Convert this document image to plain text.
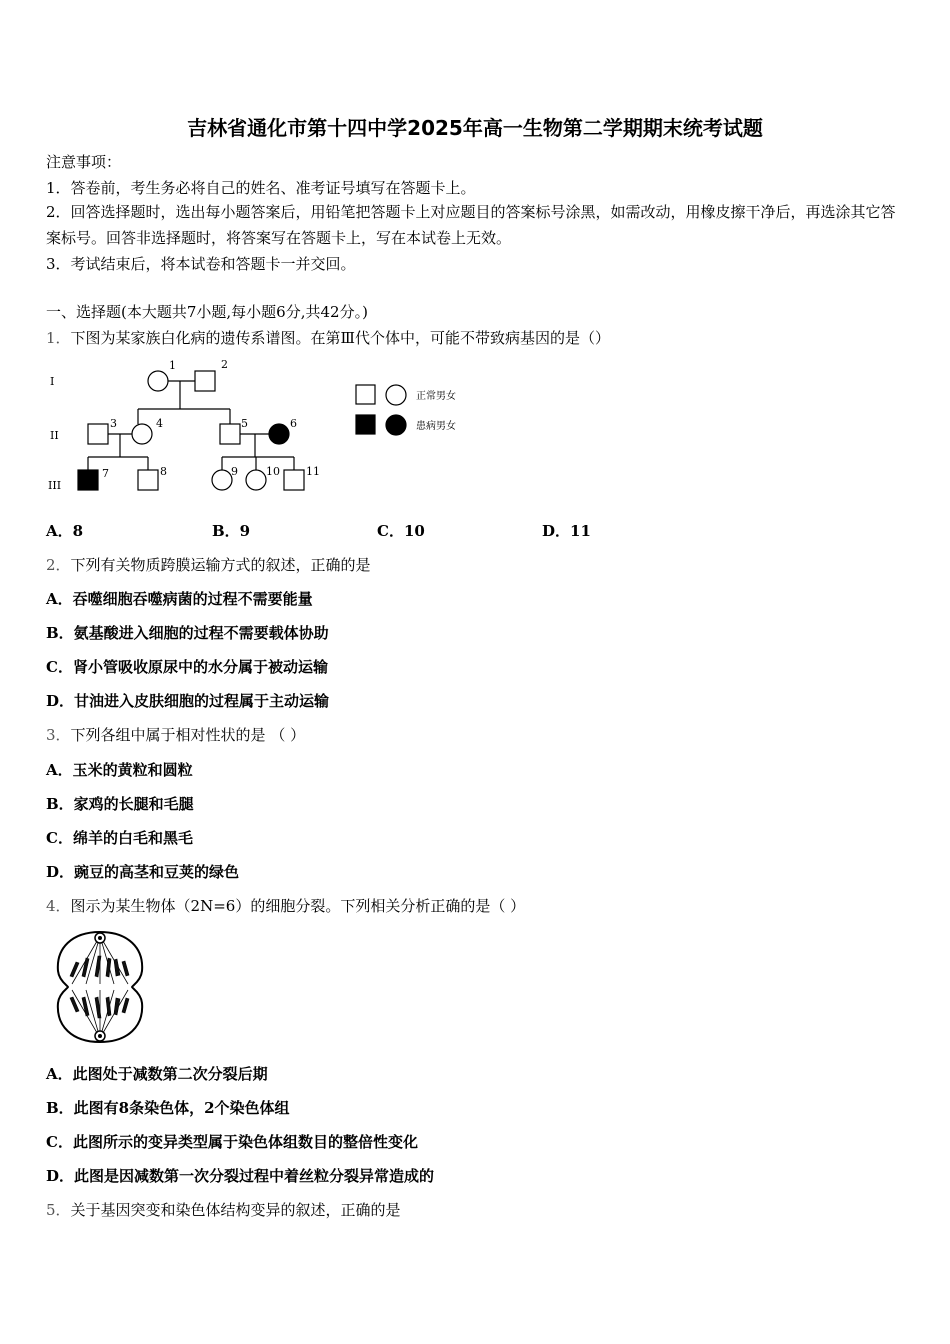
吉林省通化市第十四中学2025年高一生物第二学期期末统考试题
注意事项：
1．答卷前，考生务必将自己的姓名、准考证号填写在答题卡上。
2．回答选择题时，选出每小题答案后，用铅笔把答题卡上对应题目的答案标号涂黑，如需改动，用橡皮擦干净后，再选涂其它答案标号。回答非选择题时，将答案写在答题卡上，写在本试卷上无效。
3．考试结束后，将本试卷和答题卡一并交回。
一、选择题(本大题共7小题,每小题6分,共42分。)
1．下图为某家族白化病的遗传系谱图。在第Ⅲ代个体中，可能不带致病基因的是（）
I
II
III
1	2
3	4	5	6
7	8	9	10 11
正常男女
患病男女
A．8	B．9	C．10	D．11
2．下列有关物质跨膜运输方式的叙述，正确的是
A．吞噬细胞吞噬病菌的过程不需要能量
B．氨基酸进入细胞的过程不需要载体协助
C．肾小管吸收原尿中的水分属于被动运输
D．甘油进入皮肤细胞的过程属于主动运输
3．下列各组中属于相对性状的是 （ ）
A．玉米的黄粒和圆粒
B．家鸡的长腿和毛腿
C．绵羊的白毛和黑毛
D．豌豆的高茎和豆荚的绿色
4．图示为某生物体（2N=6）的细胞分裂。下列相关分析正确的是（ ）
A．此图处于减数第二次分裂后期
B．此图有8条染色体，2个染色体组
C．此图所示的变异类型属于染色体组数目的整倍性变化
D．此图是因减数第一次分裂过程中着丝粒分裂异常造成的
5．关于基因突变和染色体结构变异的叙述，正确的是
